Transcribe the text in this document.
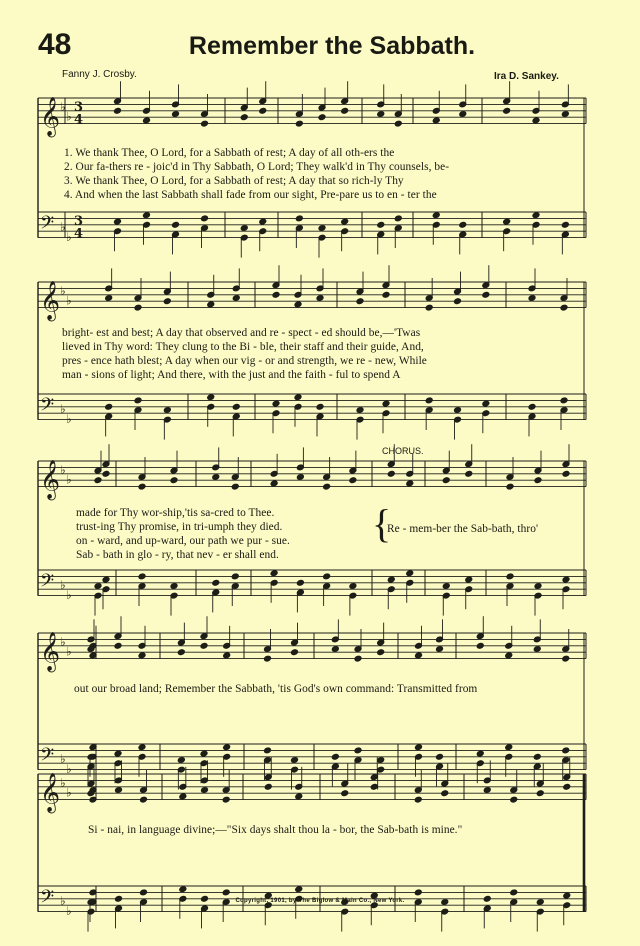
48	Remember the Sabbath.
Fanny J. Crosby.	Ira D. Sankey.
𝄞 ♭
♭
3
4
𝄢 ♭
♭
3
4
𝄞 ♭
♭
𝄢 ♭
♭
𝄞 ♭
♭
𝄢 ♭
♭
𝄞 ♭
♭
𝄢 ♭
♭
𝄞 ♭
♭
𝄢 ♭
♭
1. We thank Thee, O Lord, for a Sabbath of rest; A day of all oth-ers the
2. Our fa-thers re - joic'd in Thy Sabbath, O Lord; They walk'd in Thy counsels, be-
3. We thank Thee, O Lord, for a Sabbath of rest; A day that so rich-ly Thy
4. And when the last Sabbath shall fade from our sight, Pre-pare us to en - ter the
bright- est and best; A day that observed and re - spect - ed should be,—'Twas
lieved in Thy word: They clung to the Bi - ble, their staff and their guide, And,
pres - ence hath blest; A day when our vig - or and strength, we re - new, While
man - sions of light; And there, with the just and the faith - ful to spend A
CHORUS.
made for Thy wor-ship,'tis sa-cred to Thee.
trust-ing Thy promise, in tri-umph they died.
on - ward, and up-ward, our path we pur - sue.
Sab - bath in glo - ry, that nev - er shall end.
{
Re - mem-ber the Sab-bath, thro'
out our broad land; Remember the Sabbath, 'tis God's own command: Transmitted from
Si - nai, in language divine;—"Six days shalt thou la - bor, the Sab-bath is mine."
Copyright, 1901, by The Biglow & Main Co., New York.
